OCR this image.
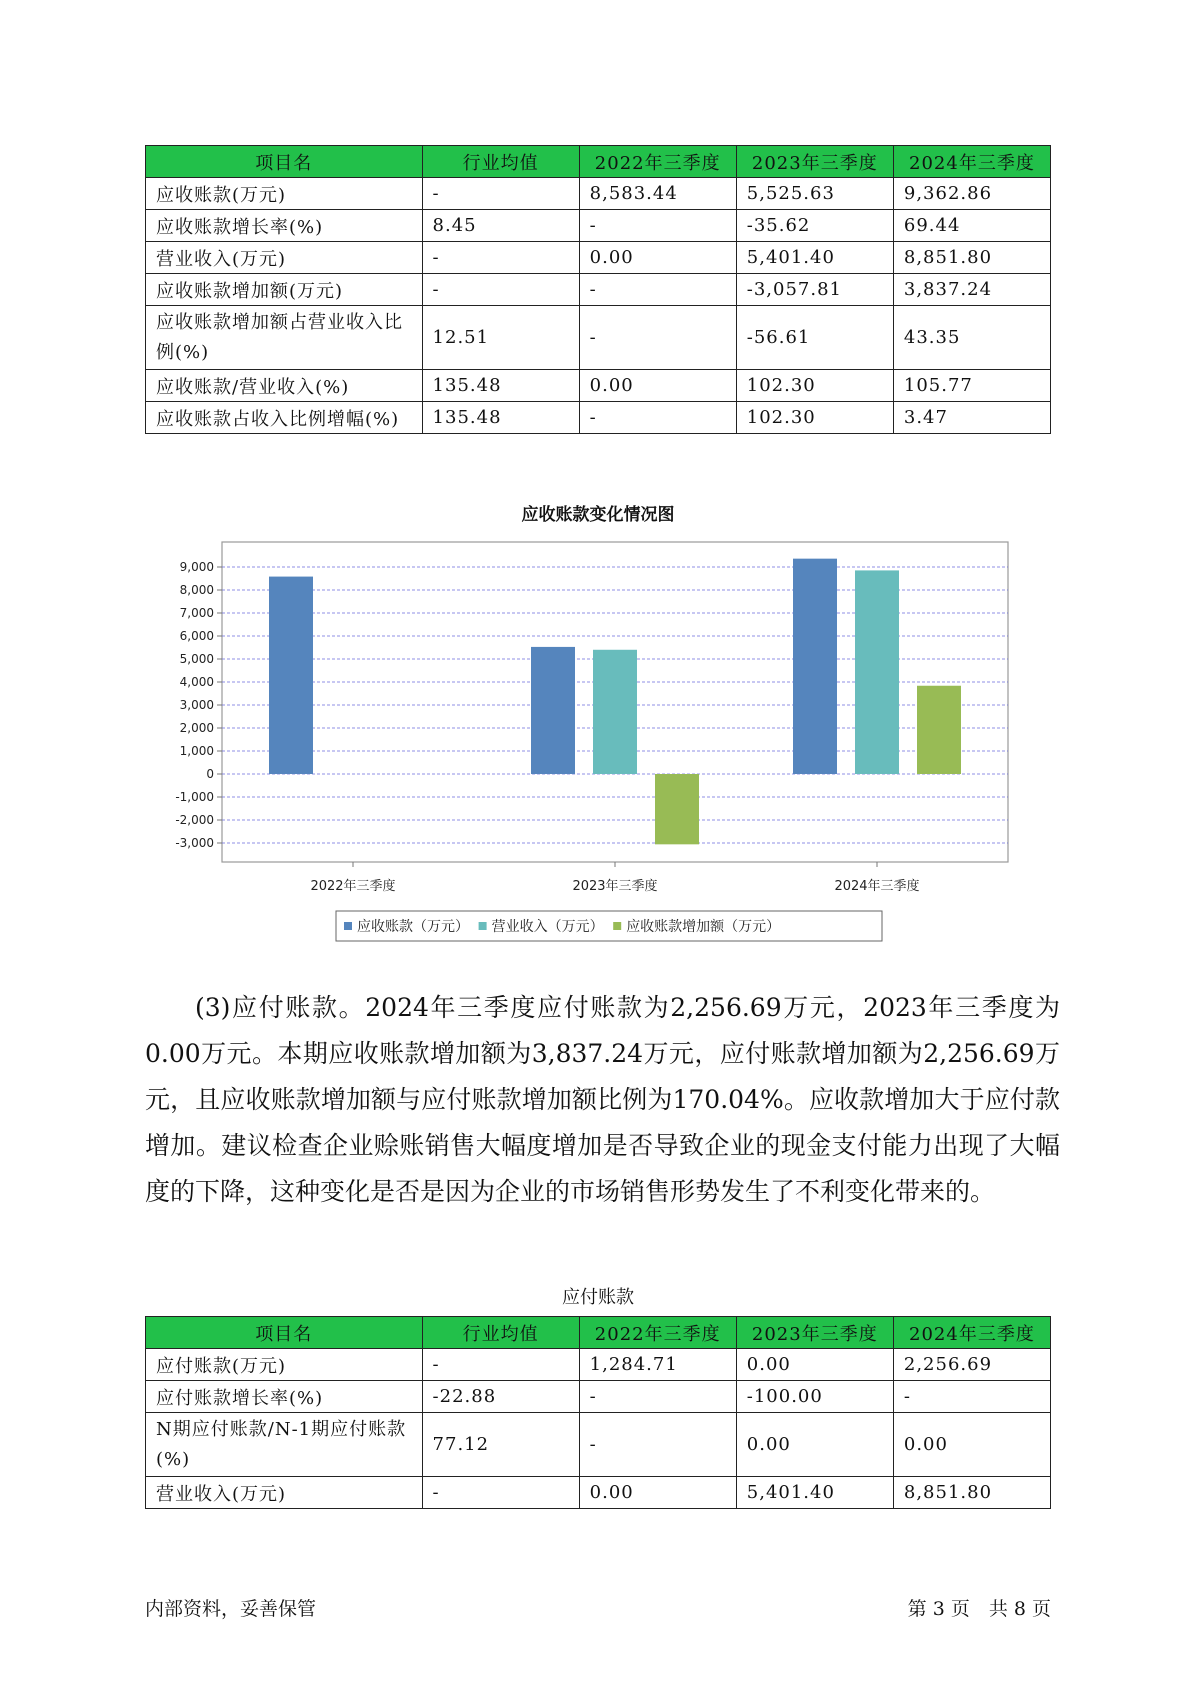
项目名	行业均值	2022年三季度	2023年三季度	2024年三季度
应收账款(万元)	-	8,583.44	5,525.63	9,362.86
应收账款增长率(%)	8.45	-	-35.62	69.44
营业收入(万元)	-	0.00	5,401.40	8,851.80
应收账款增加额(万元)	-	-	-3,057.81	3,837.24
应收账款增加额占营业收入比例(%)	12.51	-	-56.61	43.35
应收账款/营业收入(%)	135.48	0.00	102.30	105.77
应收账款占收入比例增幅(%)	135.48	-	102.30	3.47
应收账款变化情况图
9,000
8,000
7,000
6,000
5,000
4,000
3,000
2,000
1,000
0
-1,000
-2,000
-3,000
2022年三季度	2023年三季度	2024年三季度
应收账款（万元） 营业收入（万元） 应收账款增加额（万元）
(3)应付账款。2024年三季度应付账款为2,256.69万元，2023年三季度为0.00万元。本期应收账款增加额为3,837.24万元，应付账款增加额为2,256.69万元，且应收账款增加额与应付账款增加额比例为170.04%。应收款增加大于应付款增加。建议检查企业赊账销售大幅度增加是否导致企业的现金支付能力出现了大幅度的下降，这种变化是否是因为企业的市场销售形势发生了不利变化带来的。
应付账款
项目名	行业均值	2022年三季度	2023年三季度	2024年三季度
应付账款(万元)	-	1,284.71	0.00	2,256.69
应付账款增长率(%)	-22.88	-	-100.00	-
N期应付账款/N-1期应付账款(%)	77.12	-	0.00	0.00
营业收入(万元)	-	0.00	5,401.40	8,851.80
内部资料，妥善保管	第 3 页　共 8 页
